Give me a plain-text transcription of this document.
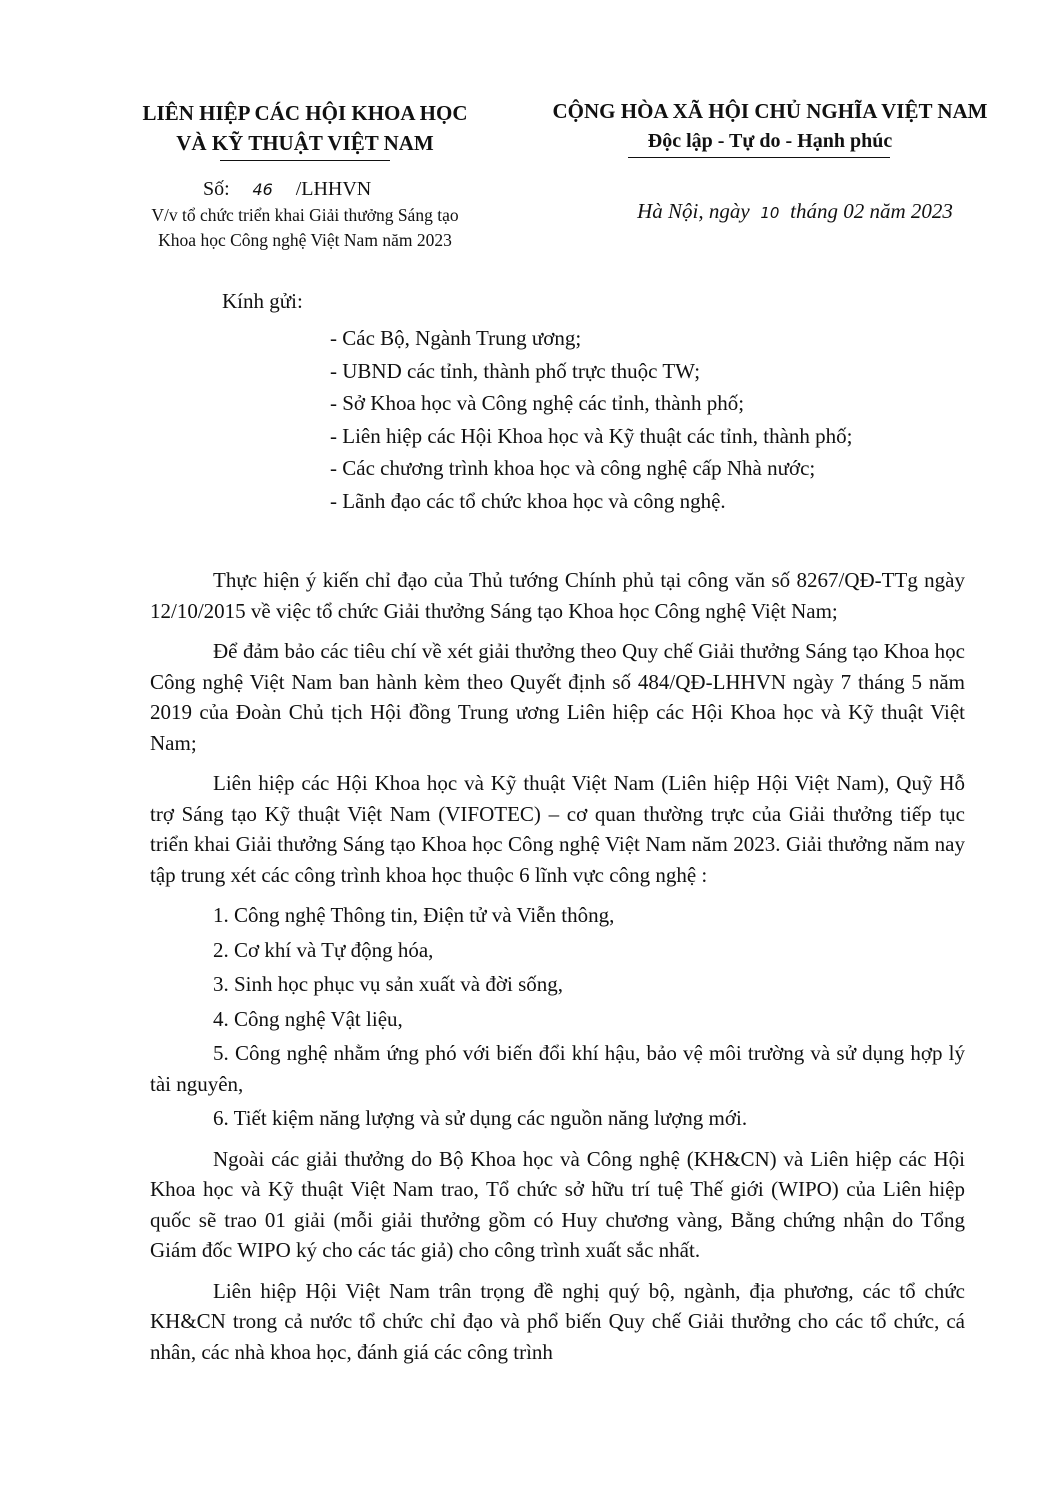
LIÊN HIỆP CÁC HỘI KHOA HỌC
VÀ KỸ THUẬT VIỆT NAM
CỘNG HÒA XÃ HỘI CHỦ NGHĨA VIỆT NAM
Độc lập - Tự do - Hạnh phúc
Số: 46 /LHHVN
V/v tổ chức triển khai Giải thưởng Sáng tạo
Khoa học Công nghệ Việt Nam năm 2023
Hà Nội, ngày 10 tháng 02 năm 2023
Kính gửi:
- Các Bộ, Ngành Trung ương;
- UBND các tỉnh, thành phố trực thuộc TW;
- Sở Khoa học và Công nghệ các tỉnh, thành phố;
- Liên hiệp các Hội Khoa học và Kỹ thuật các tỉnh, thành phố;
- Các chương trình khoa học và công nghệ cấp Nhà nước;
- Lãnh đạo các tổ chức khoa học và công nghệ.

Thực hiện ý kiến chỉ đạo của Thủ tướng Chính phủ tại công văn số 8267/QĐ-TTg ngày 12/10/2015 về việc tổ chức Giải thưởng Sáng tạo Khoa học Công nghệ Việt Nam;

Để đảm bảo các tiêu chí về xét giải thưởng theo Quy chế Giải thưởng Sáng tạo Khoa học Công nghệ Việt Nam ban hành kèm theo Quyết định số 484/QĐ-LHHVN ngày 7 tháng 5 năm 2019 của Đoàn Chủ tịch Hội đồng Trung ương Liên hiệp các Hội Khoa học và Kỹ thuật Việt Nam;

Liên hiệp các Hội Khoa học và Kỹ thuật Việt Nam (Liên hiệp Hội Việt Nam), Quỹ Hỗ trợ Sáng tạo Kỹ thuật Việt Nam (VIFOTEC) – cơ quan thường trực của Giải thưởng tiếp tục triển khai Giải thưởng Sáng tạo Khoa học Công nghệ Việt Nam năm 2023. Giải thưởng năm nay tập trung xét các công trình khoa học thuộc 6 lĩnh vực công nghệ :

1. Công nghệ Thông tin, Điện tử và Viễn thông,

2. Cơ khí và Tự động hóa,

3. Sinh học phục vụ sản xuất và đời sống,

4. Công nghệ Vật liệu,

5. Công nghệ nhằm ứng phó với biến đổi khí hậu, bảo vệ môi trường và sử dụng hợp lý tài nguyên,

6. Tiết kiệm năng lượng và sử dụng các nguồn năng lượng mới.

Ngoài các giải thưởng do Bộ Khoa học và Công nghệ (KH&CN) và Liên hiệp các Hội Khoa học và Kỹ thuật Việt Nam trao, Tổ chức sở hữu trí tuệ Thế giới (WIPO) của Liên hiệp quốc sẽ trao 01 giải (mỗi giải thưởng gồm có Huy chương vàng, Bằng chứng nhận do Tổng Giám đốc WIPO ký cho các tác giả) cho công trình xuất sắc nhất.

Liên hiệp Hội Việt Nam trân trọng đề nghị quý bộ, ngành, địa phương, các tổ chức KH&CN trong cả nước tổ chức chỉ đạo và phổ biến Quy chế Giải thưởng cho các tổ chức, cá nhân, các nhà khoa học, đánh giá các công trình
